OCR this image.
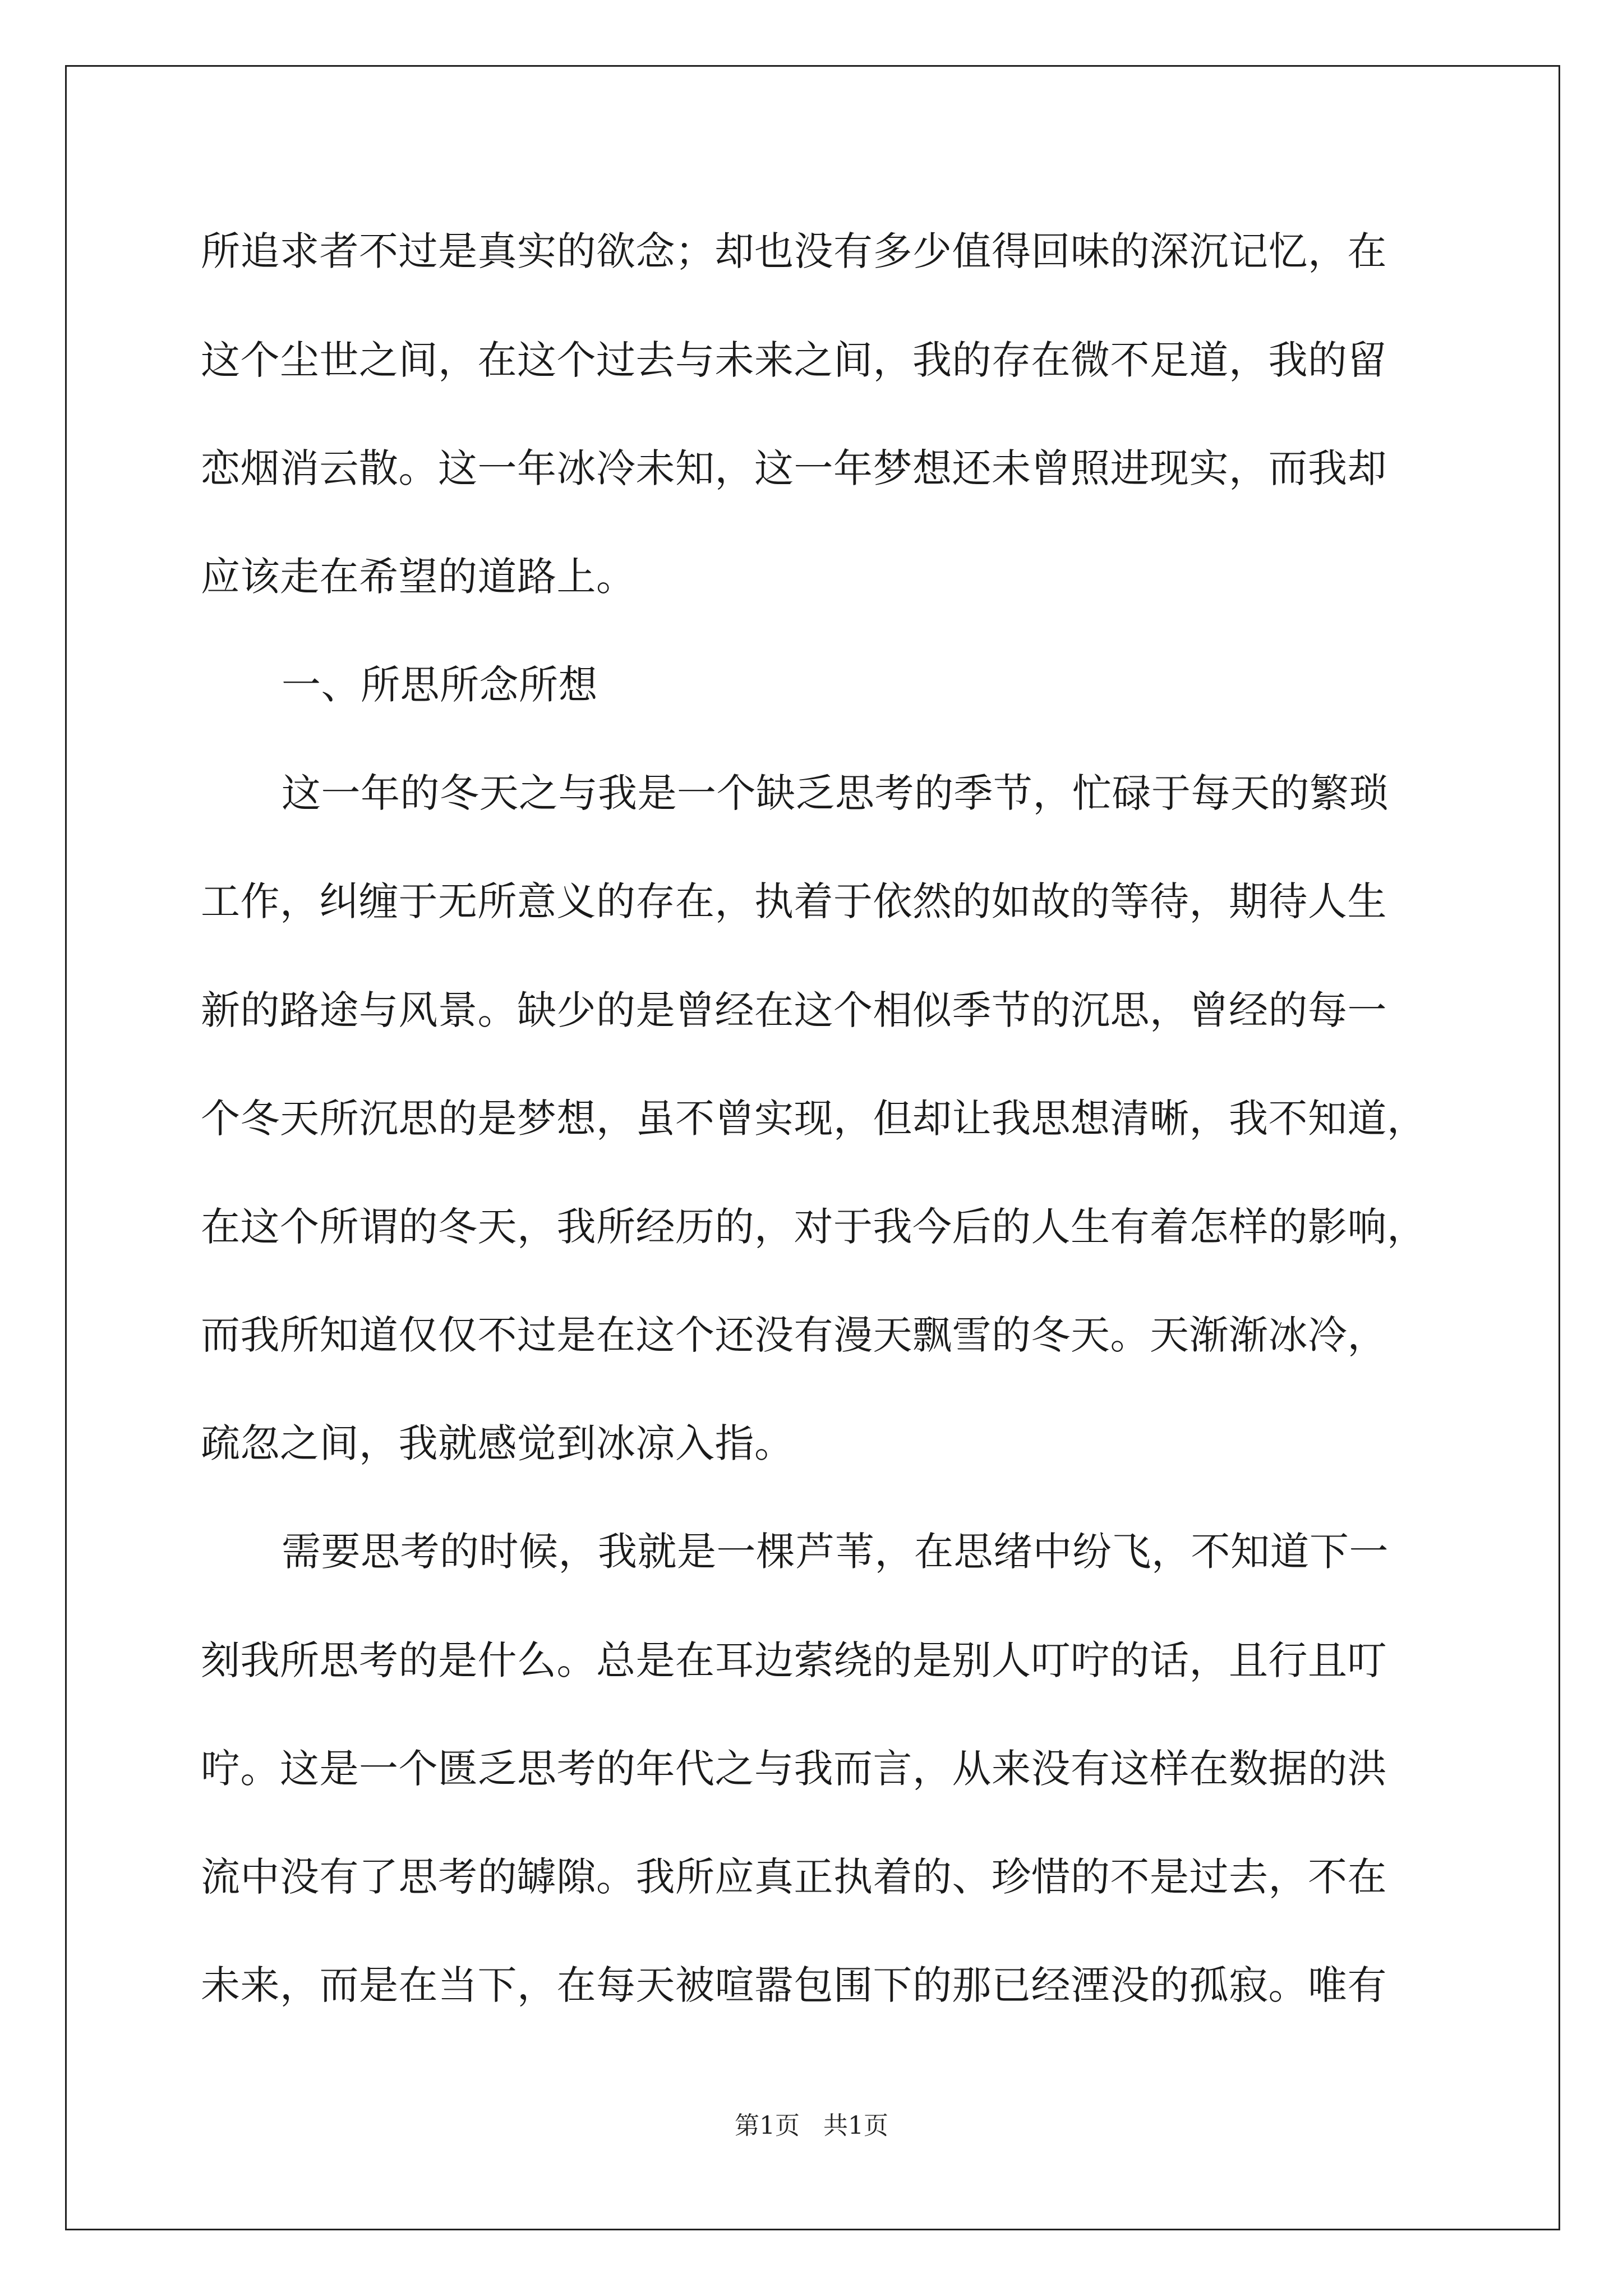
所追求者不过是真实的欲念；却也没有多少值得回味的深沉记忆，在
这个尘世之间，在这个过去与未来之间，我的存在微不足道，我的留
恋烟消云散。这一年冰冷未知，这一年梦想还未曾照进现实，而我却
应该走在希望的道路上。
一、所思所念所想
这一年的冬天之与我是一个缺乏思考的季节，忙碌于每天的繁琐
工作，纠缠于无所意义的存在，执着于依然的如故的等待，期待人生
新的路途与风景。缺少的是曾经在这个相似季节的沉思，曾经的每一
个冬天所沉思的是梦想，虽不曾实现，但却让我思想清晰，我不知道，
在这个所谓的冬天，我所经历的，对于我今后的人生有着怎样的影响，
而我所知道仅仅不过是在这个还没有漫天飘雪的冬天。天渐渐冰冷，
疏忽之间，我就感觉到冰凉入指。
需要思考的时候，我就是一棵芦苇，在思绪中纷飞，不知道下一
刻我所思考的是什么。总是在耳边萦绕的是别人叮咛的话，且行且叮
咛。这是一个匮乏思考的年代之与我而言，从来没有这样在数据的洪
流中没有了思考的罅隙。我所应真正执着的、珍惜的不是过去，不在
未来，而是在当下，在每天被喧嚣包围下的那已经湮没的孤寂。唯有
第1页 共1页
